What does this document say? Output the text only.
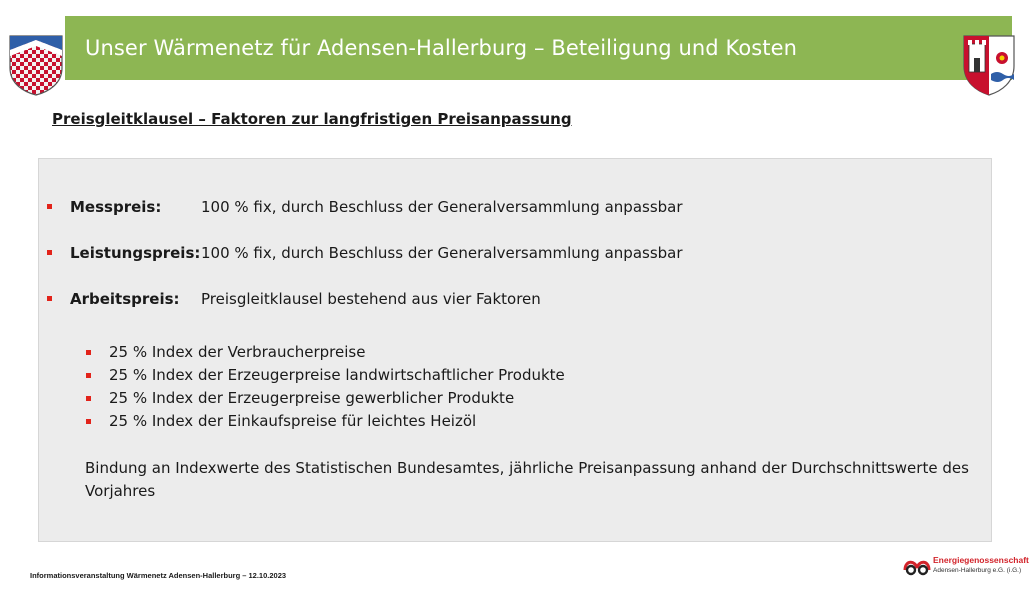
Unser Wärmenetz für Adensen-Hallerburg – Beteiligung und Kosten
Preisgleitklausel – Faktoren zur langfristigen Preisanpassung
Messpreis:	100 % fix, durch Beschluss der Generalversammlung anpassbar
Leistungspreis: 100 % fix, durch Beschluss der Generalversammlung anpassbar
Arbeitspreis: Preisgleitklausel bestehend aus vier Faktoren
25 % Index der Verbraucherpreise
25 % Index der Erzeugerpreise landwirtschaftlicher Produkte
25 % Index der Erzeugerpreise gewerblicher Produkte
25 % Index der Einkaufspreise für leichtes Heizöl
Bindung an Indexwerte des Statistischen Bundesamtes, jährliche Preisanpassung anhand der Durchschnittswerte des Vorjahres
Informationsveranstaltung Wärmenetz Adensen-Hallerburg – 12.10.2023
Energiegenossenschaft
Adensen-Hallerburg e.G. (i.G.)
